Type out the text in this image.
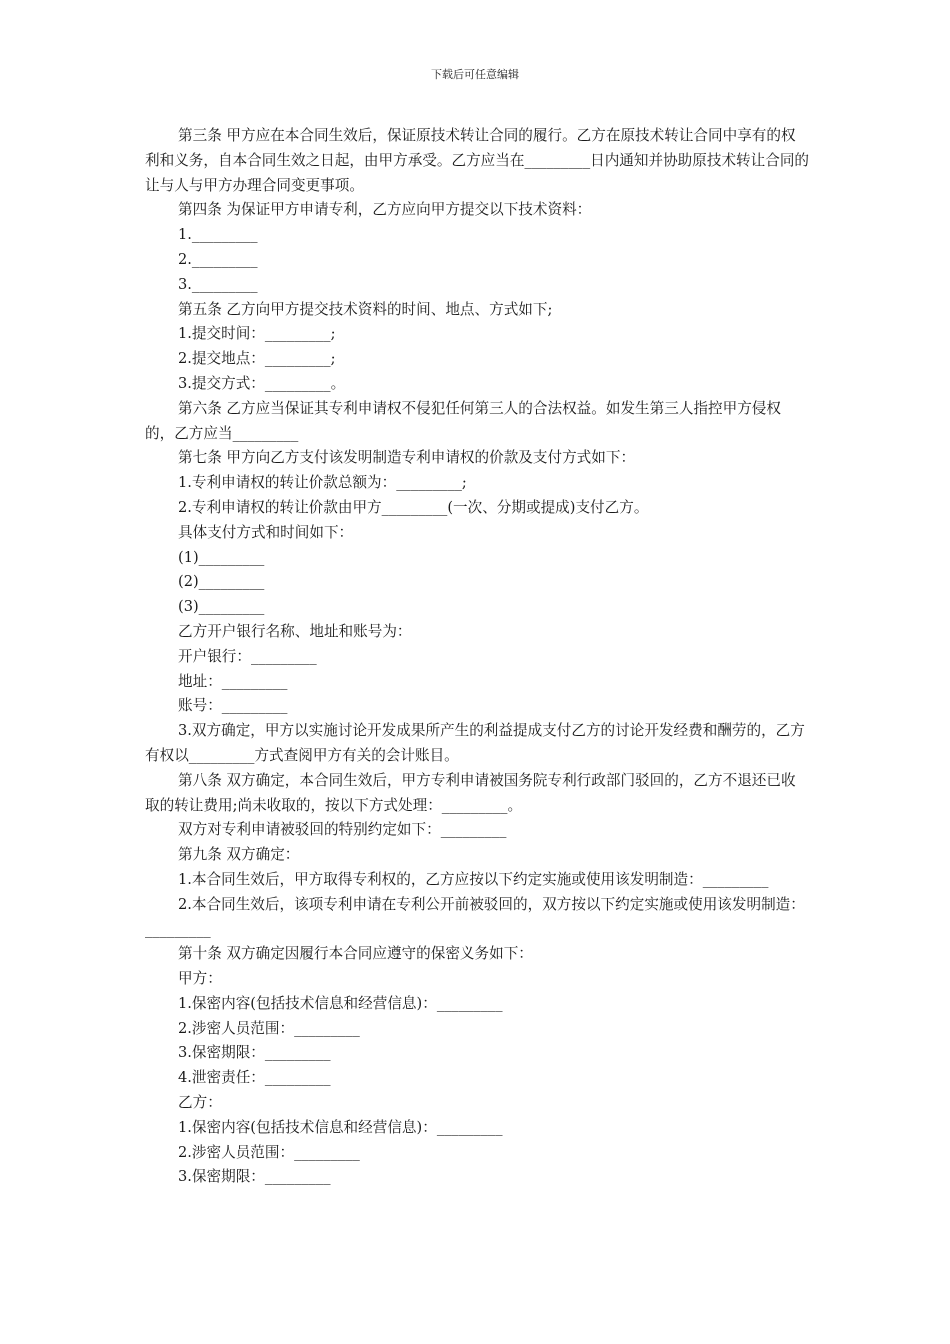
下载后可任意编辑

第三条 甲方应在本合同生效后，保证原技术转让合同的履行。乙方在原技术转让合同中享有的权利和义务，自本合同生效之日起，由甲方承受。乙方应当在_________日内通知并协助原技术转让合同的让与人与甲方办理合同变更事项。

第四条 为保证甲方申请专利，乙方应向甲方提交以下技术资料：

1._________

2._________

3._________

第五条 乙方向甲方提交技术资料的时间、地点、方式如下;

1.提交时间：_________;

2.提交地点：_________;

3.提交方式：_________。

第六条 乙方应当保证其专利申请权不侵犯任何第三人的合法权益。如发生第三人指控甲方侵权的，乙方应当_________

第七条 甲方向乙方支付该发明制造专利申请权的价款及支付方式如下：

1.专利申请权的转让价款总额为：_________;

2.专利申请权的转让价款由甲方_________(一次、分期或提成)支付乙方。

具体支付方式和时间如下：

(1)_________

(2)_________

(3)_________

乙方开户银行名称、地址和账号为：

开户银行：_________

地址：_________

账号：_________

3.双方确定，甲方以实施讨论开发成果所产生的利益提成支付乙方的讨论开发经费和酬劳的，乙方有权以_________方式查阅甲方有关的会计账目。

第八条 双方确定，本合同生效后，甲方专利申请被国务院专利行政部门驳回的，乙方不退还已收取的转让费用;尚未收取的，按以下方式处理：_________。

双方对专利申请被驳回的特别约定如下：_________

第九条 双方确定：

1.本合同生效后，甲方取得专利权的，乙方应按以下约定实施或使用该发明制造：_________

2.本合同生效后，该项专利申请在专利公开前被驳回的，双方按以下约定实施或使用该发明制造：_________

第十条 双方确定因履行本合同应遵守的保密义务如下：

甲方：

1.保密内容(包括技术信息和经营信息)：_________

2.涉密人员范围：_________

3.保密期限：_________

4.泄密责任：_________

乙方：

1.保密内容(包括技术信息和经营信息)：_________

2.涉密人员范围：_________

3.保密期限：_________
